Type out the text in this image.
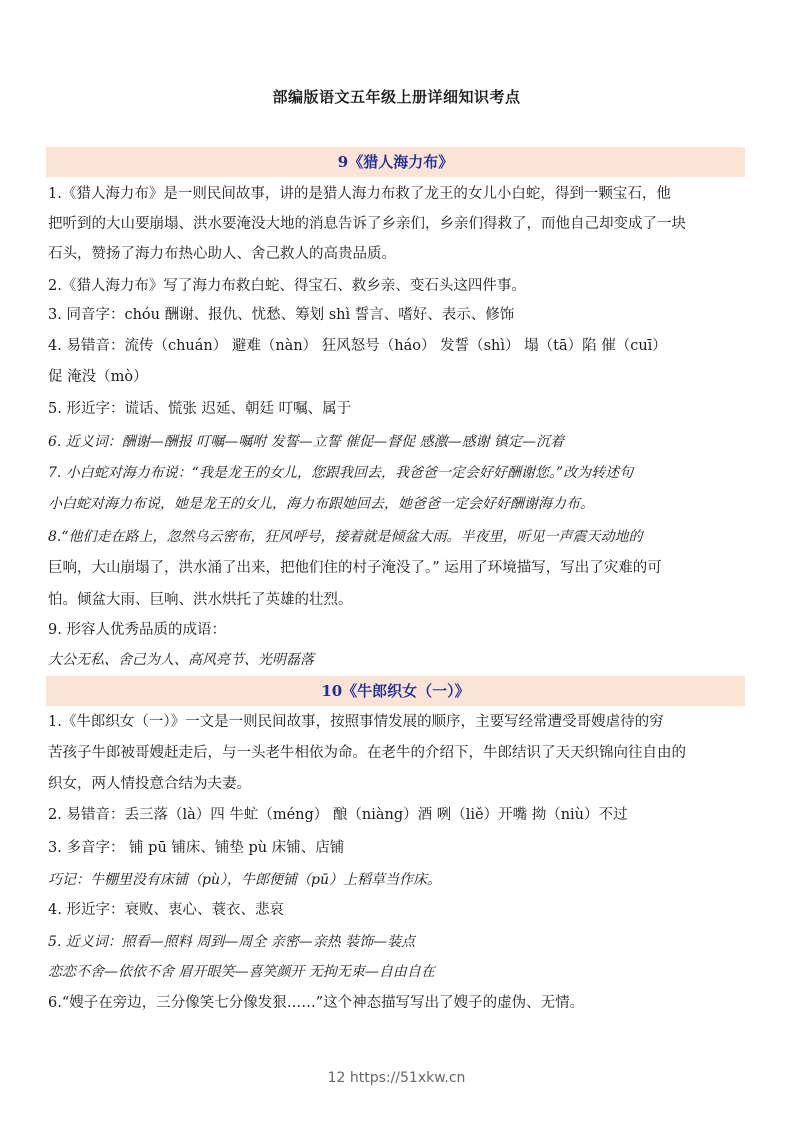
部编版语文五年级上册详细知识考点
9《猎人海力布》
1.《猎人海力布》是一则民间故事，讲的是猎人海力布救了龙王的女儿小白蛇，得到一颗宝石，他
把听到的大山要崩塌、洪水要淹没大地的消息告诉了乡亲们，乡亲们得救了，而他自己却变成了一块
石头，赞扬了海力布热心助人、舍己救人的高贵品质。
2.《猎人海力布》写了海力布救白蛇、得宝石、救乡亲、变石头这四件事。
3. 同音字：chóu 酬谢、报仇、忧愁、筹划 shì 誓言、嗜好、表示、修饰
4. 易错音：流传（chuán） 避难（nàn） 狂风怒号（háo） 发誓（shì） 塌（tā）陷 催（cuī）
促 淹没（mò）
5. 形近字：谎话、慌张 迟延、朝廷 叮嘱、属于
6. 近义词：酬谢—酬报 叮嘱—嘱咐 发誓—立誓 催促—督促 感激—感谢 镇定—沉着
7. 小白蛇对海力布说：“我是龙王的女儿，您跟我回去，我爸爸一定会好好酬谢您。”改为转述句
小白蛇对海力布说，她是龙王的女儿，海力布跟她回去，她爸爸一定会好好酬谢海力布。
8.“他们走在路上，忽然乌云密布，狂风呼号，接着就是倾盆大雨。半夜里，听见一声震天动地的
巨响，大山崩塌了，洪水涌了出来，把他们住的村子淹没了。” 运用了环境描写，写出了灾难的可
怕。倾盆大雨、巨响、洪水烘托了英雄的壮烈。
9. 形容人优秀品质的成语：
大公无私、舍己为人、高风亮节、光明磊落
10《牛郎织女（一）》
1.《牛郎织女（一）》一文是一则民间故事，按照事情发展的顺序，主要写经常遭受哥嫂虐待的穷
苦孩子牛郎被哥嫂赶走后，与一头老牛相依为命。在老牛的介绍下，牛郎结识了天天织锦向往自由的
织女，两人情投意合结为夫妻。
2. 易错音：丢三落（là）四 牛虻（méng） 酿（niàng）酒 咧（liě）开嘴 拗（niù）不过
3. 多音字： 铺 pū 铺床、铺垫 pù 床铺、店铺
巧记：牛棚里没有床铺（pù），牛郎便铺（pū）上稻草当作床。
4. 形近字：衰败、衷心、蓑衣、悲哀
5. 近义词：照看—照料 周到—周全 亲密—亲热 装饰—装点
恋恋不舍—依依不舍 眉开眼笑—喜笑颜开 无拘无束—自由自在
6.“嫂子在旁边，三分像笑七分像发狠……”这个神态描写写出了嫂子的虚伪、无情。
12 https://51xkw.cn
